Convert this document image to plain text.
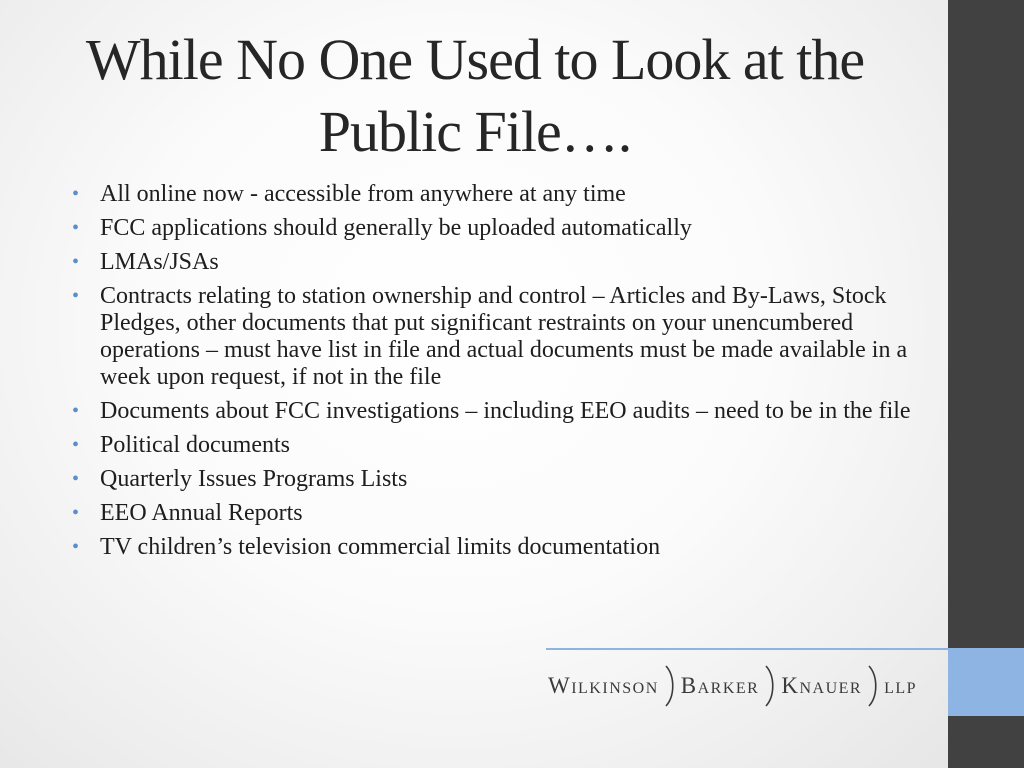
While No One Used to Look at the Public File….
• All online now - accessible from anywhere at any time
• FCC applications should generally be uploaded automatically
• LMAs/JSAs
• Contracts relating to station ownership and control – Articles and By-Laws, Stock Pledges, other documents that put significant restraints on your unencumbered operations – must have list in file and actual documents must be made available in a week upon request, if not in the file
• Documents about FCC investigations – including EEO audits – need to be in the file
• Political documents
• Quarterly Issues Programs Lists
• EEO Annual Reports
• TV children’s television commercial limits documentation
Wilkinson Barker Knauer llp
